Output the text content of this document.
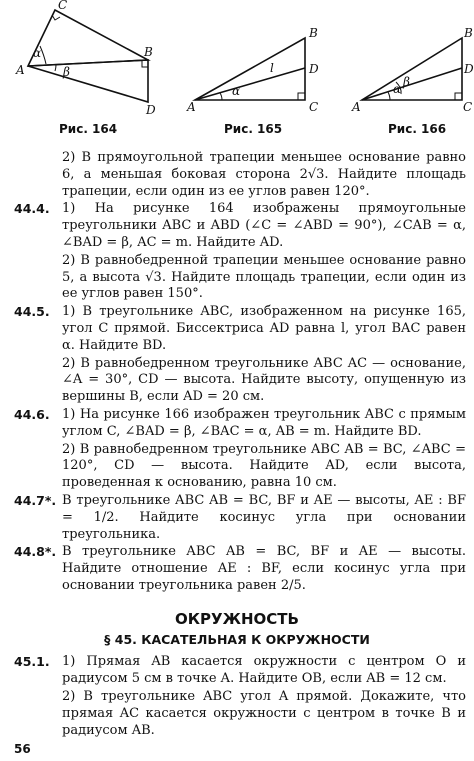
C
A
B
D
α
β
B
A	C
D
l
α
B
A	C
D
α β
Рис. 164	Рис. 165	Рис. 166
2) В прямоугольной трапеции меньшее основание равно 6, а меньшая боковая сторона 2√3. Найдите площадь трапеции, если один из ее углов равен 120°.
44.4. 1) На рисунке 164 изображены прямоугольные треугольники ABC и ABD (∠C = ∠ABD = 90°), ∠CAB = α, ∠BAD = β, AC = m. Найдите AD.
2) В равнобедренной трапеции меньшее основание равно 5, а высота √3. Найдите площадь трапеции, если один из ее углов равен 150°.
44.5. 1) В треугольнике ABC, изображенном на рисунке 165, угол C прямой. Биссектриса AD равна l, угол BAC равен α. Найдите BD.
2) В равнобедренном треугольнике ABC AC — основание, ∠A = 30°, CD — высота. Найдите высоту, опущенную из вершины B, если AD = 20 см.
44.6. 1) На рисунке 166 изображен треугольник ABC с прямым углом C, ∠BAD = β, ∠BAC = α, AB = m. Найдите BD.
2) В равнобедренном треугольнике ABC AB = BC, ∠ABC = 120°, CD — высота. Найдите AD, если высота, проведенная к основанию, равна 10 см.
44.7*. В треугольнике ABC AB = BC, BF и AE — высоты, AE : BF = 1/2. Найдите косинус угла при основании треугольника.
44.8*. В треугольнике ABC AB = BC, BF и AE — высоты. Найдите отношение AE : BF, если косинус угла при основании треугольника равен 2/5.
ОКРУЖНОСТЬ
§ 45. КАСАТЕЛЬНАЯ К ОКРУЖНОСТИ
45.1. 1) Прямая AB касается окружности с центром O и радиусом 5 см в точке A. Найдите OB, если AB = 12 см.
2) В треугольнике ABC угол A прямой. Докажите, что прямая AC касается окружности с центром в точке B и радиусом AB.
56
